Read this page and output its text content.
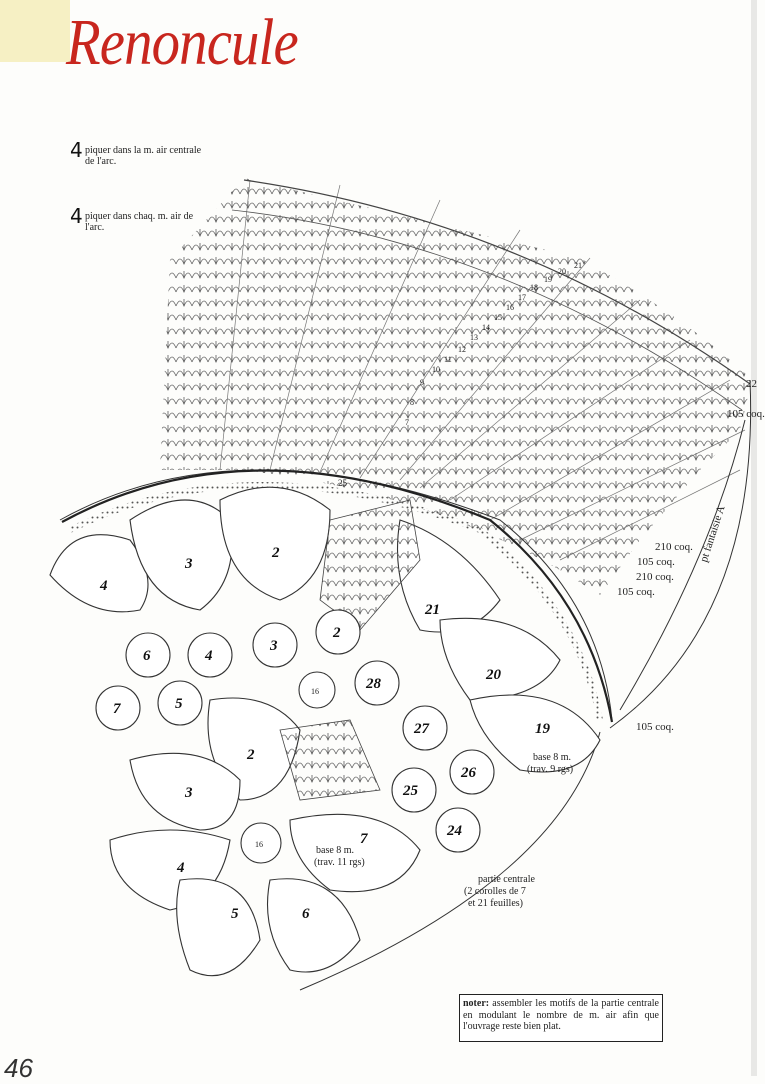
Renoncule
4 piquer dans la m. air centrale de l'arc.
4 piquer dans chaq. m. air de l'arc.
4
3
2
21
20
19
2
3
4
6
5
7
28
27
26
25
24
2
3
4
5	6
7
16
16
7
8
9
10
11
12
13
14
15
16
17
18
19
20
21
22
105 coq.
210 coq.
105 coq.
210 coq.
105 coq.
pt fantaisie A
105 coq.
25
base 8 m.
(trav. 9 rgs)
base 8 m.
(trav. 11 rgs)
partie centrale
(2 corolles de 7
et 21 feuilles)
noter: assembler les motifs de la partie centrale en modulant le nombre de m. air afin que l'ouvrage reste bien plat.
46
